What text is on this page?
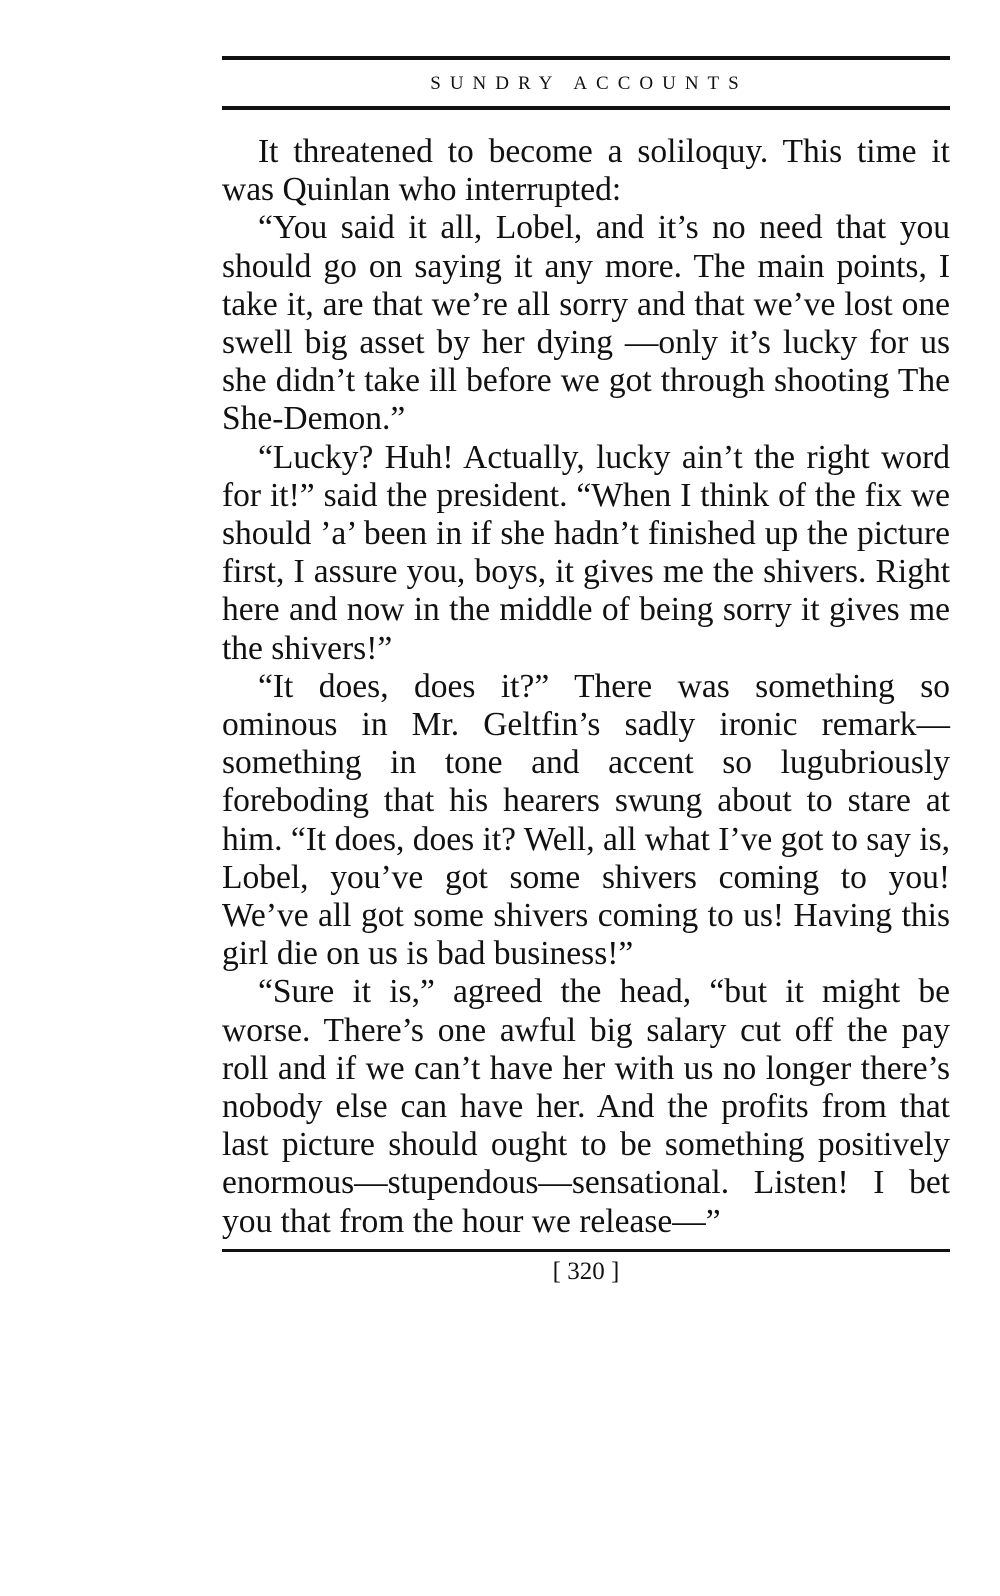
SUNDRY ACCOUNTS

It threatened to become a soliloquy. This time it was Quinlan who interrupted:

“You said it all, Lobel, and it’s no need that you should go on saying it any more. The main points, I take it, are that we’re all sorry and that we’ve lost one swell big asset by her dying —only it’s lucky for us she didn’t take ill before we got through shooting The She-Demon.”

“Lucky? Huh! Actually, lucky ain’t the right word for it!” said the president. “When I think of the fix we should ’a’ been in if she hadn’t finished up the picture first, I assure you, boys, it gives me the shivers. Right here and now in the middle of being sorry it gives me the shivers!”

“It does, does it?” There was something so ominous in Mr. Geltfin’s sadly ironic remark—something in tone and accent so lugubriously foreboding that his hearers swung about to stare at him. “It does, does it? Well, all what I’ve got to say is, Lobel, you’ve got some shivers coming to you! We’ve all got some shivers coming to us! Having this girl die on us is bad business!”

“Sure it is,” agreed the head, “but it might be worse. There’s one awful big salary cut off the pay roll and if we can’t have her with us no longer there’s nobody else can have her. And the profits from that last picture should ought to be something positively enormous—stupendous—sensational. Listen! I bet you that from the hour we release—”

[ 320 ]
